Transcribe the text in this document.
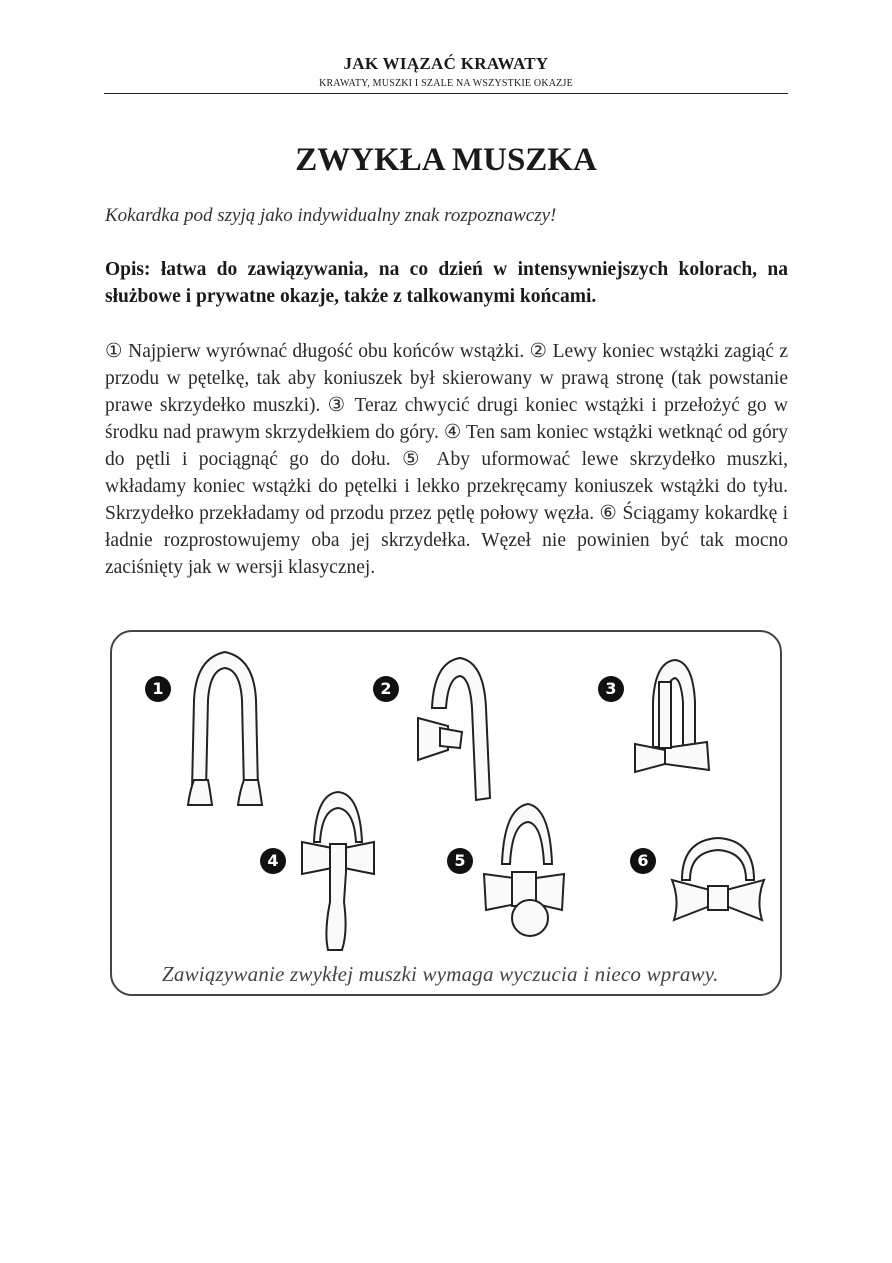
JAK WIĄZAĆ KRAWATY
KRAWATY, MUSZKI I SZALE NA WSZYSTKIE OKAZJE
ZWYKŁA MUSZKA
Kokardka pod szyją jako indywidualny znak rozpoznawczy!
Opis: łatwa do zawiązywania, na co dzień w intensywniejszych kolorach, na służbowe i prywatne okazje, także z talkowanymi końcami.
① Najpierw wyrównać długość obu końców wstążki. ② Lewy koniec wstążki zagiąć z przodu w pętelkę, tak aby koniuszek był skierowany w prawą stronę (tak powstanie prawe skrzydełko muszki). ③ Teraz chwycić drugi koniec wstążki i przełożyć go w środku nad prawym skrzydełkiem do góry. ④ Ten sam koniec wstążki wetknąć od góry do pętli i pociągnąć go do dołu. ⑤ Aby uformować lewe skrzydełko muszki, wkładamy koniec wstążki do pętelki i lekko przekręcamy koniuszek wstążki do tyłu. Skrzydełko przekładamy od przodu przez pętlę połowy węzła. ⑥ Ściągamy kokardkę i ładnie rozprostowujemy oba jej skrzydełka. Węzeł nie powinien być tak mocno zaciśnięty jak w wersji klasycznej.
1	2	3
4	5	6
Zawiązywanie zwykłej muszki wymaga wyczucia i nieco wprawy.
